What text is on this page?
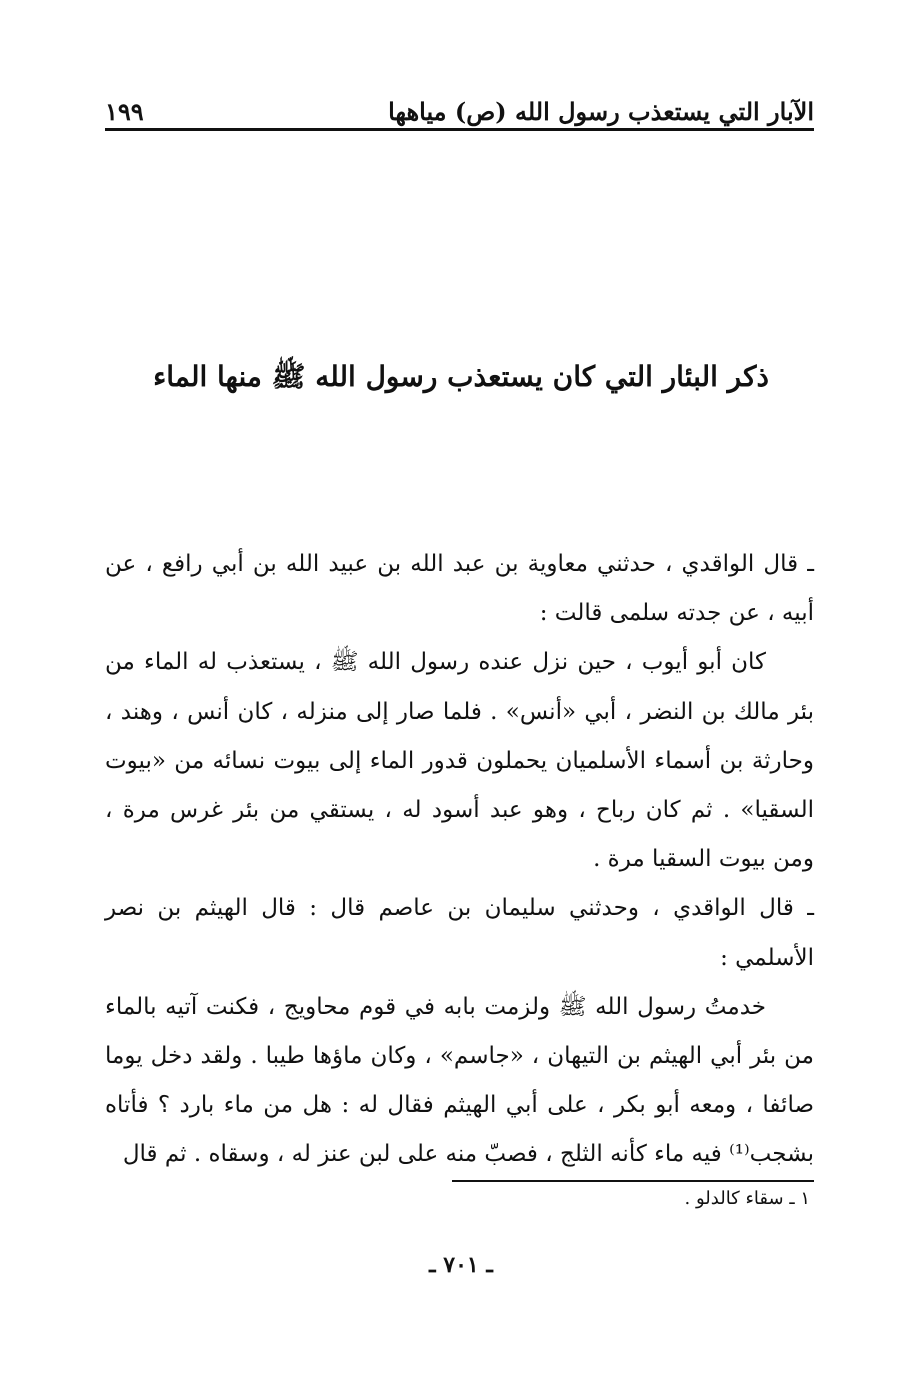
الآبار التي يستعذب رسول الله (ص) مياهها
١٩٩
ذكر البئار التي كان يستعذب رسول الله ﷺ منها الماء

ـ قال الواقدي ، حدثني معاوية بن عبد الله بن عبيد الله بن أبي رافع ، عن أبيه ، عن جدته سلمى قالت :

كان أبو أيوب ، حين نزل عنده رسول الله ﷺ ، يستعذب له الماء من بئر مالك بن النضر ، أبي «أنس» . فلما صار إلى منزله ، كان أنس ، وهند ، وحارثة بن أسماء الأسلميان يحملون قدور الماء إلى بيوت نسائه من «بيوت السقيا» . ثم كان رباح ، وهو عبد أسود له ، يستقي من بئر غرس مرة ، ومن بيوت السقيا مرة .

ـ قال الواقدي ، وحدثني سليمان بن عاصم قال : قال الهيثم بن نصر الأسلمي :

خدمتُ رسول الله ﷺ ولزمت بابه في قوم محاويج ، فكنت آتيه بالماء من بئر أبي الهيثم بن التيهان ، «جاسم» ، وكان ماؤها طيبا . ولقد دخل يوما صائفا ، ومعه أبو بكر ، على أبي الهيثم فقال له : هل من ماء بارد ؟ فأتاه بشجب⁽¹⁾ فيه ماء كأنه الثلج ، فصبّ منه على لبن عنز له ، وسقاه . ثم قال

١ ـ سقاء كالدلو .
ـ ٧٠١ ـ
